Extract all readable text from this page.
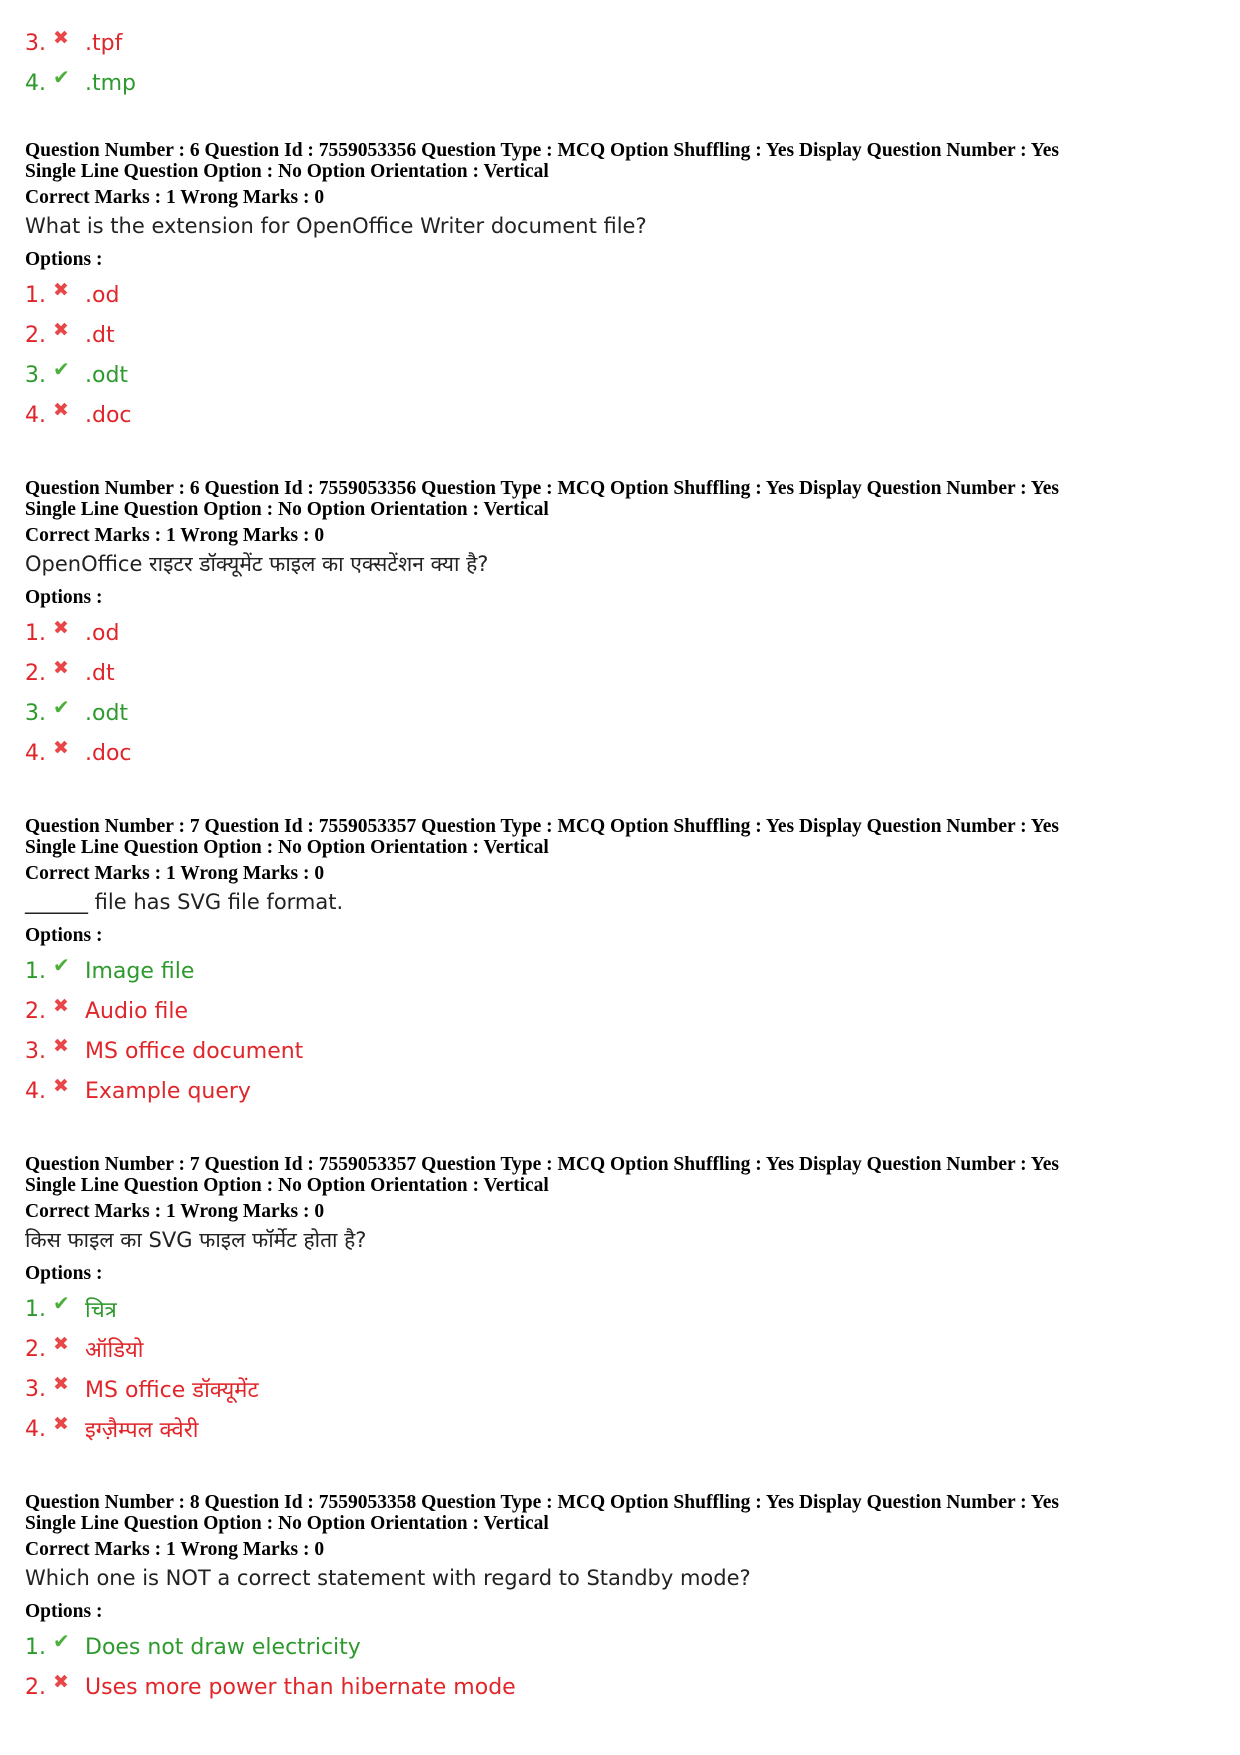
3. ✖ .tpf
4. ✔ .tmp
Question Number : 6 Question Id : 7559053356 Question Type : MCQ Option Shuffling : Yes Display Question Number : Yes
Single Line Question Option : No Option Orientation : Vertical
Correct Marks : 1 Wrong Marks : 0
What is the extension for OpenOffice Writer document file?
Options :
1. ✖ .od
2. ✖ .dt
3. ✔ .odt
4. ✖ .doc
Question Number : 6 Question Id : 7559053356 Question Type : MCQ Option Shuffling : Yes Display Question Number : Yes
Single Line Question Option : No Option Orientation : Vertical
Correct Marks : 1 Wrong Marks : 0
OpenOffice राइटर डॉक्यूमेंट फाइल का एक्सटेंशन क्या है?
Options :
1. ✖ .od
2. ✖ .dt
3. ✔ .odt
4. ✖ .doc
Question Number : 7 Question Id : 7559053357 Question Type : MCQ Option Shuffling : Yes Display Question Number : Yes
Single Line Question Option : No Option Orientation : Vertical
Correct Marks : 1 Wrong Marks : 0
______ file has SVG file format.
Options :
1. ✔ Image file
2. ✖ Audio file
3. ✖ MS office document
4. ✖ Example query
Question Number : 7 Question Id : 7559053357 Question Type : MCQ Option Shuffling : Yes Display Question Number : Yes
Single Line Question Option : No Option Orientation : Vertical
Correct Marks : 1 Wrong Marks : 0
किस फाइल का SVG फाइल फॉर्मेट होता है?
Options :
1. ✔ चित्र
2. ✖ ऑडियो
3. ✖ MS office डॉक्यूमेंट
4. ✖ इग्ज़ैम्पल क्वेरी
Question Number : 8 Question Id : 7559053358 Question Type : MCQ Option Shuffling : Yes Display Question Number : Yes
Single Line Question Option : No Option Orientation : Vertical
Correct Marks : 1 Wrong Marks : 0
Which one is NOT a correct statement with regard to Standby mode?
Options :
1. ✔ Does not draw electricity
2. ✖ Uses more power than hibernate mode
